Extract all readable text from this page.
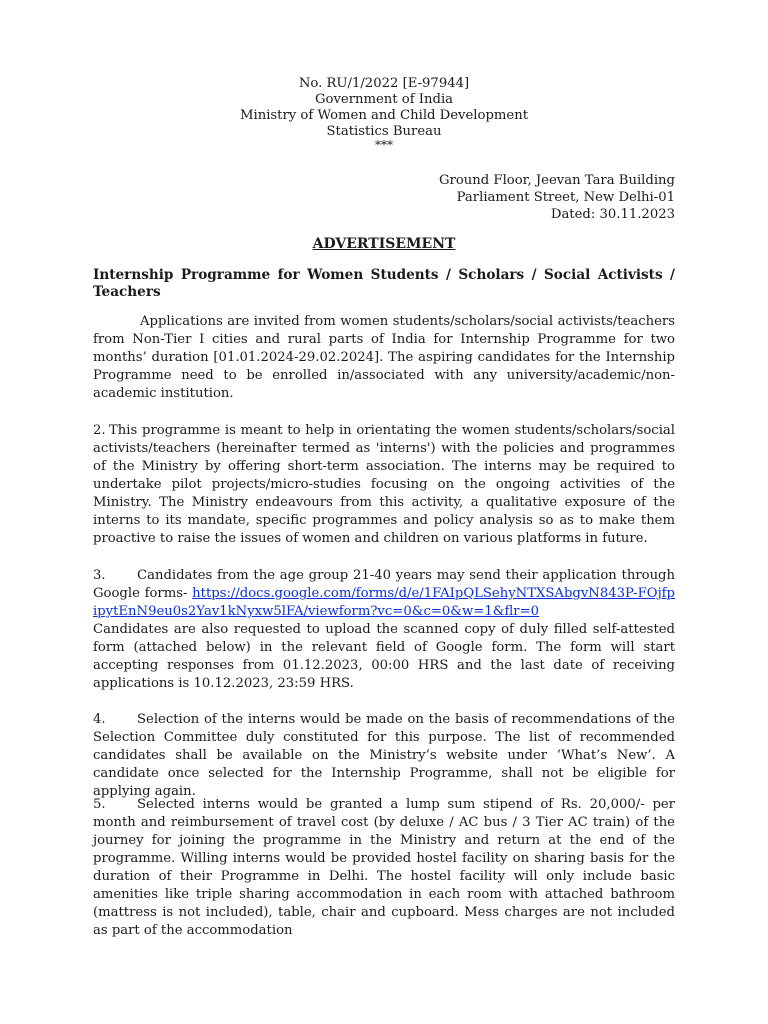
No. RU/1/2022 [E-97944]
Government of India
Ministry of Women and Child Development
Statistics Bureau
***
Ground Floor, Jeevan Tara Building
Parliament Street, New Delhi-01
Dated: 30.11.2023
ADVERTISEMENT
Internship Programme for Women Students / Scholars / Social Activists / Teachers
Applications are invited from women students/scholars/social activists/teachers from Non-Tier I cities and rural parts of India for Internship Programme for two months’ duration [01.01.2024-29.02.2024]. The aspiring candidates for the Internship Programme need to be enrolled in/associated with any university/academic/non-academic institution.
2. This programme is meant to help in orientating the women students/scholars/social activists/teachers (hereinafter termed as 'interns') with the policies and programmes of the Ministry by offering short-term association. The interns may be required to undertake pilot projects/micro-studies focusing on the ongoing activities of the Ministry. The Ministry endeavours from this activity, a qualitative exposure of the interns to its mandate, specific programmes and policy analysis so as to make them proactive to raise the issues of women and children on various platforms in future.
3. Candidates from the age group 21-40 years may send their application through Google forms- https://docs.google.com/forms/d/e/1FAIpQLSehyNTXSAbgvN843P-FOjfpipytEnN9eu0s2Yav1kNyxw5lFA/viewform?vc=0&c=0&w=1&flr=0
Candidates are also requested to upload the scanned copy of duly filled self-attested form (attached below) in the relevant field of Google form. The form will start accepting responses from 01.12.2023, 00:00 HRS and the last date of receiving applications is 10.12.2023, 23:59 HRS.
4. Selection of the interns would be made on the basis of recommendations of the Selection Committee duly constituted for this purpose. The list of recommended candidates shall be available on the Ministry’s website under ‘What’s New’. A candidate once selected for the Internship Programme, shall not be eligible for applying again.
5. Selected interns would be granted a lump sum stipend of Rs. 20,000/- per month and reimbursement of travel cost (by deluxe / AC bus / 3 Tier AC train) of the journey for joining the programme in the Ministry and return at the end of the programme. Willing interns would be provided hostel facility on sharing basis for the duration of their Programme in Delhi. The hostel facility will only include basic amenities like triple sharing accommodation in each room with attached bathroom (mattress is not included), table, chair and cupboard. Mess charges are not included as part of the accommodation
